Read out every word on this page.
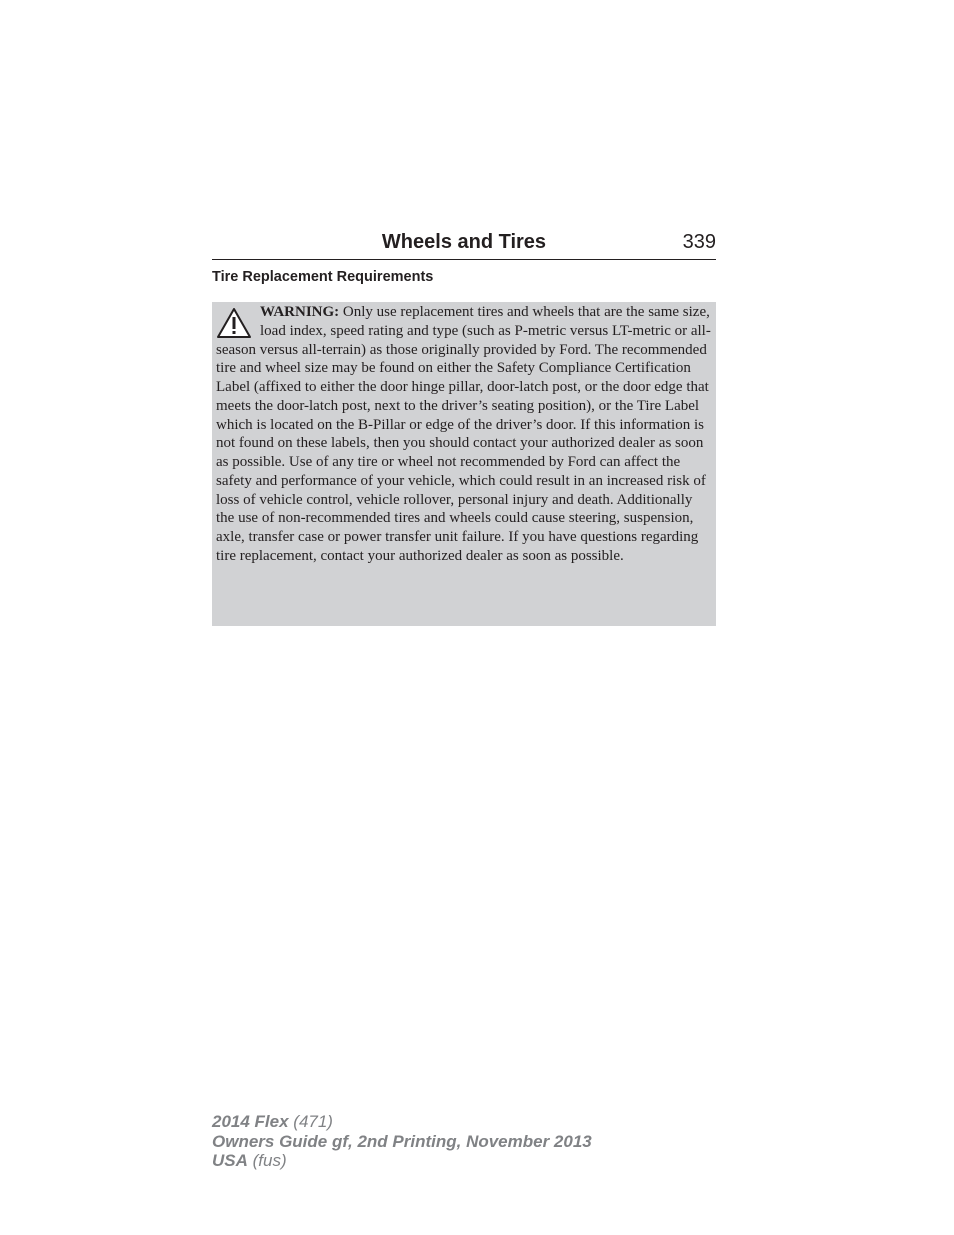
Wheels and Tires	339
Tire Replacement Requirements

WARNING: Only use replacement tires and wheels that are the same size, load index, speed rating and type (such as P-metric versus LT-metric or all-season versus all-terrain) as those originally provided by Ford. The recommended tire and wheel size may be found on either the Safety Compliance Certification Label (affixed to either the door hinge pillar, door-latch post, or the door edge that meets the door-latch post, next to the driver’s seating position), or the Tire Label which is located on the B-Pillar or edge of the driver’s door. If this information is not found on these labels, then you should contact your authorized dealer as soon as possible. Use of any tire or wheel not recommended by Ford can affect the safety and performance of your vehicle, which could result in an increased risk of loss of vehicle control, vehicle rollover, personal injury and death. Additionally the use of non-recommended tires and wheels could cause steering, suspension, axle, transfer case or power transfer unit failure. If you have questions regarding tire replacement, contact your authorized dealer as soon as possible.

2014 Flex (471)
Owners Guide gf, 2nd Printing, November 2013
USA (fus)
